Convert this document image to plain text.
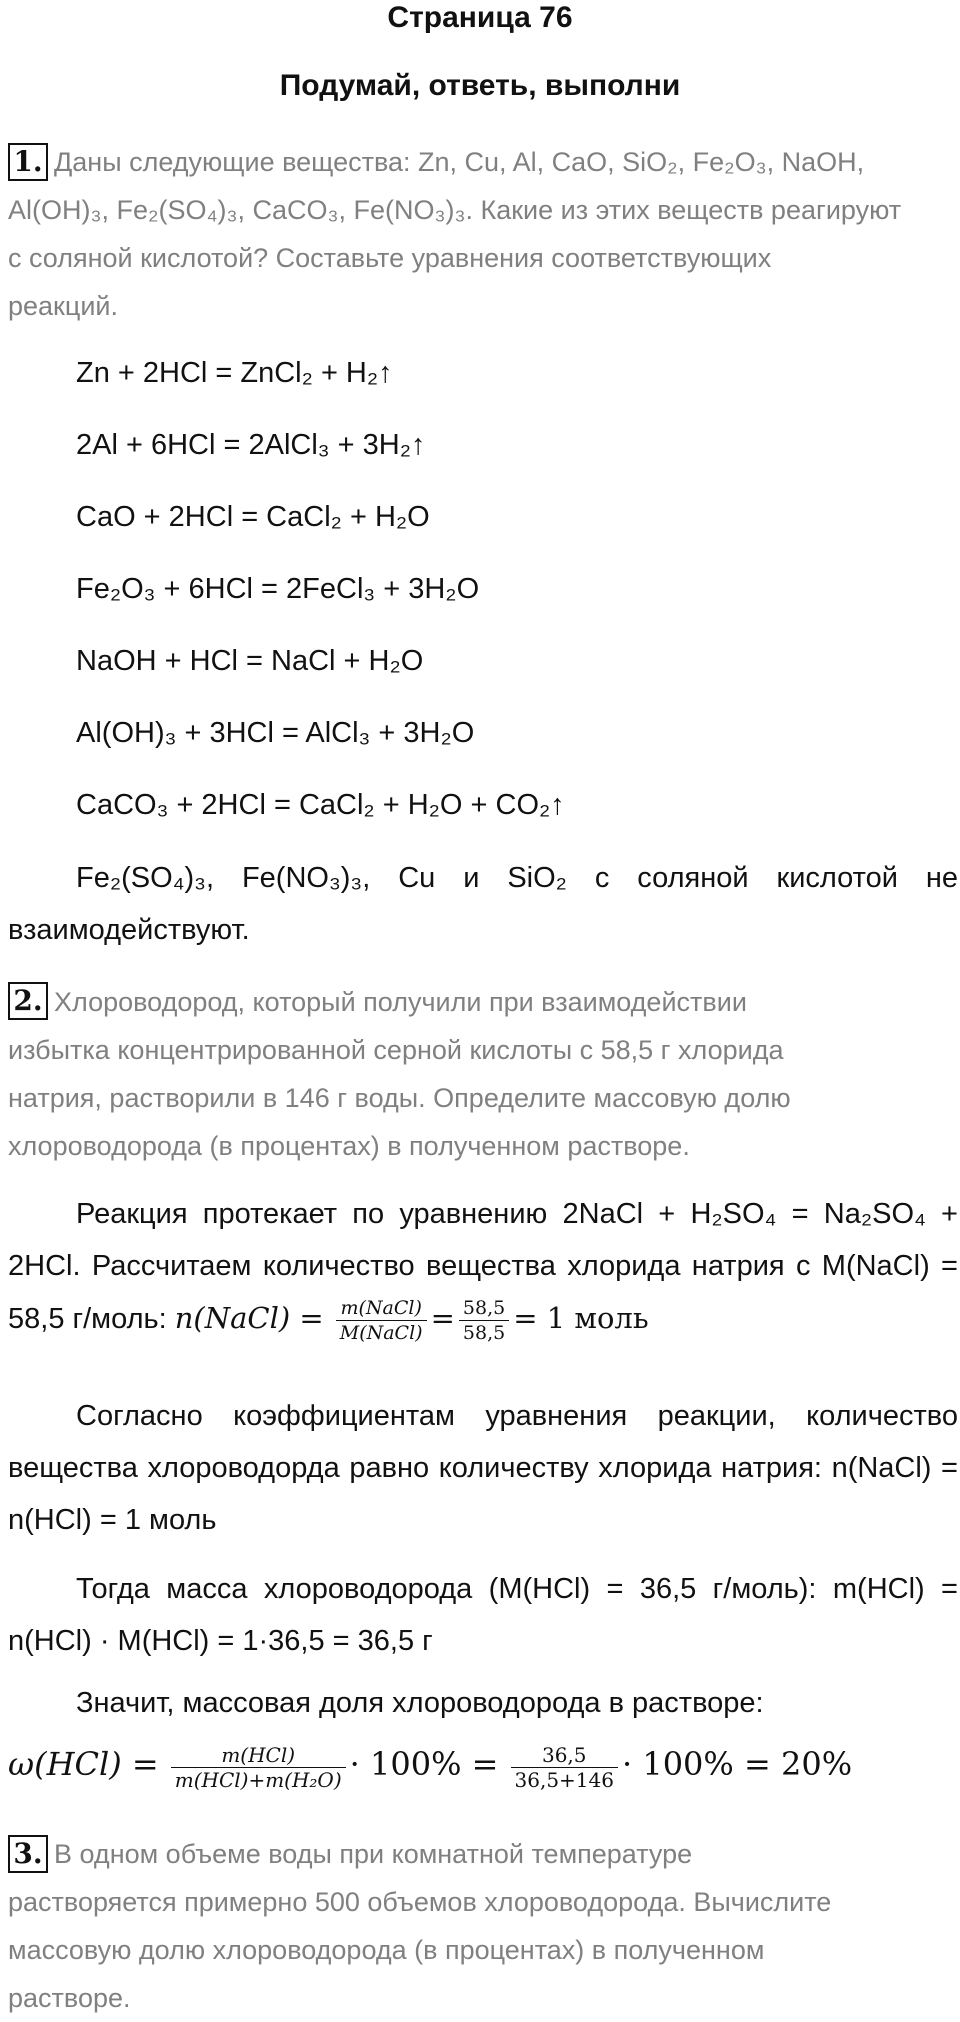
Страница 76
Подумай, ответь, выполни
1. Даны следующие вещества: Zn, Cu, Al, CaO, SiO₂, Fe₂O₃, NaOH,
Al(OH)₃, Fe₂(SO₄)₃, CaCO₃, Fe(NO₃)₃. Какие из этих веществ реагируют
с соляной кислотой? Составьте уравнения соответствующих
реакций.
Zn + 2HCl = ZnCl₂ + H₂↑
2Al + 6HCl = 2AlCl₃ + 3H₂↑
CaO + 2HCl = CaCl₂ + H₂O
Fe₂O₃ + 6HCl = 2FeCl₃ + 3H₂O
NaOH + HCl = NaCl + H₂O
Al(OH)₃ + 3HCl = AlCl₃ + 3H₂O
CaCO₃ + 2HCl = CaCl₂ + H₂O + CO₂↑
Fe₂(SO₄)₃, Fe(NO₃)₃, Cu и SiO₂ с соляной кислотой не взаимодействуют.
2. Хлороводород, который получили при взаимодействии
избытка концентрированной серной кислоты с 58,5 г хлорида
натрия, растворили в 146 г воды. Определите массовую долю
хлороводорода (в процентах) в полученном растворе.
Реакция протекает по уравнению 2NaCl + H₂SO₄ = Na₂SO₄ + 2HCl. Рассчитаем количество вещества хлорида натрия с M(NaCl) = 58,5 г/моль: n(NaCl) = $\frac{\text{m(NaCl)}}{\text{M(NaCl)}} = \frac{58,5}{58,5} = 1$ моль
Согласно коэффициентам уравнения реакции, количество вещества хлороводорда равно количеству хлорида натрия: n(NaCl) = n(HCl) = 1 моль
Тогда масса хлороводорода (M(HCl) = 36,5 г/моль): m(HCl) = n(HCl) · M(HCl) = 1·36,5 = 36,5 г
Значит, массовая доля хлороводорода в растворе:
$\omega(HCl) = \frac{\text{m(HCl)}}{\text{m(HCl)+m(H₂O)}} \cdot 100\% = \frac{36,5}{36,5+146} \cdot 100\% = 20\%$
3. В одном объеме воды при комнатной температуре
растворяется примерно 500 объемов хлороводорода. Вычислите
массовую долю хлороводорода (в процентах) в полученном
растворе.
